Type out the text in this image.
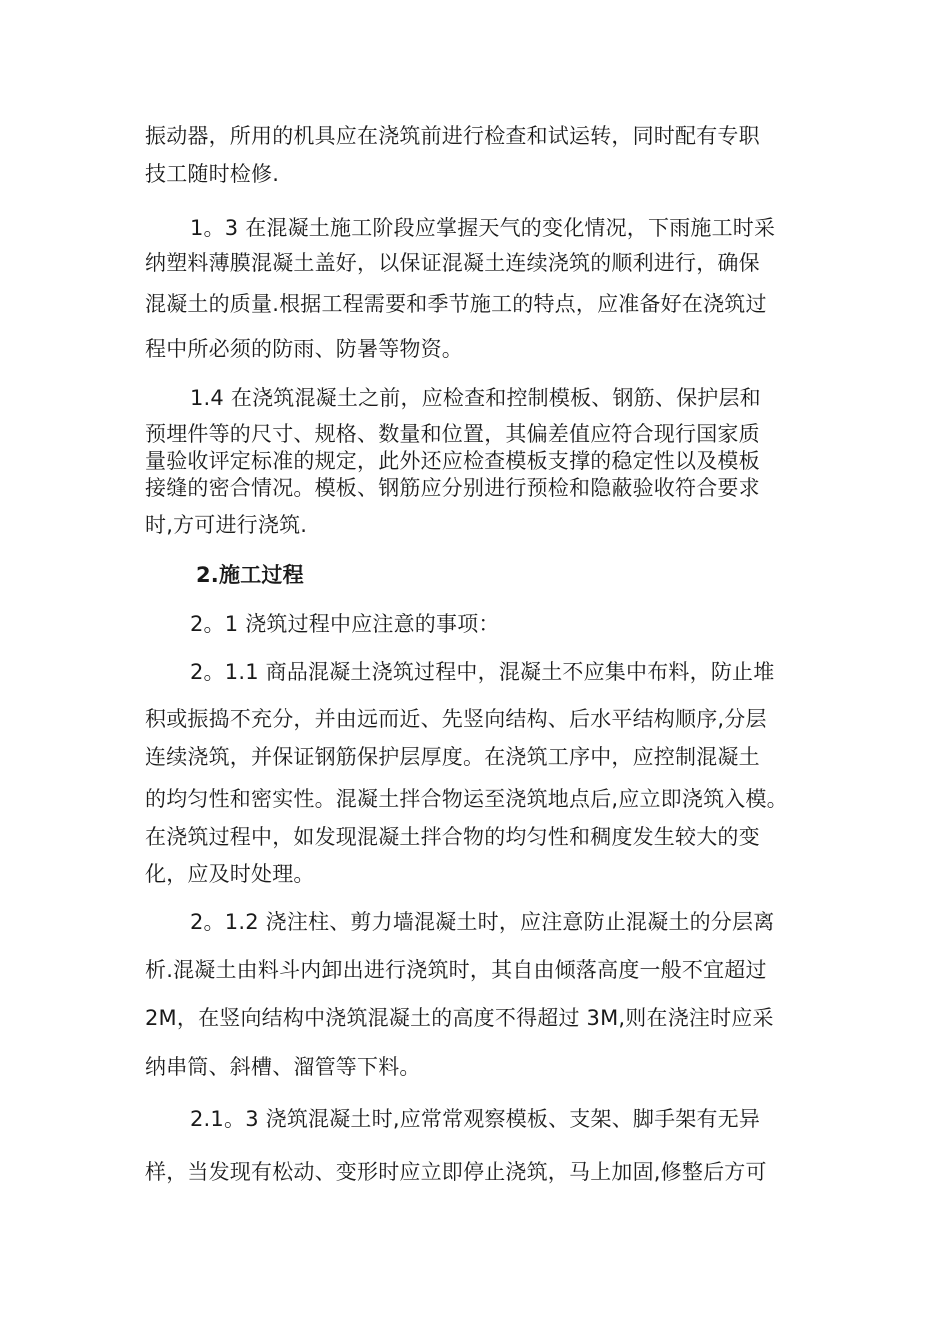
振动器，所用的机具应在浇筑前进行检查和试运转，同时配有专职
技工随时检修.
1。3 在混凝土施工阶段应掌握天气的变化情况，下雨施工时采
纳塑料薄膜混凝土盖好，以保证混凝土连续浇筑的顺利进行，确保
混凝土的质量.根据工程需要和季节施工的特点，应准备好在浇筑过
程中所必须的防雨、防暑等物资。
1.4 在浇筑混凝土之前，应检查和控制模板、钢筋、保护层和
预埋件等的尺寸、规格、数量和位置，其偏差值应符合现行国家质
量验收评定标准的规定，此外还应检查模板支撑的稳定性以及模板
接缝的密合情况。模板、钢筋应分别进行预检和隐蔽验收符合要求
时,方可进行浇筑.
2.施工过程
2。1 浇筑过程中应注意的事项：
2。1.1 商品混凝土浇筑过程中，混凝土不应集中布料，防止堆
积或振捣不充分，并由远而近、先竖向结构、后水平结构顺序,分层
连续浇筑，并保证钢筋保护层厚度。在浇筑工序中，应控制混凝土
的均匀性和密实性。混凝土拌合物运至浇筑地点后,应立即浇筑入模。
在浇筑过程中，如发现混凝土拌合物的均匀性和稠度发生较大的变
化，应及时处理。
2。1.2 浇注柱、剪力墙混凝土时，应注意防止混凝土的分层离
析.混凝土由料斗内卸出进行浇筑时，其自由倾落高度一般不宜超过
2M，在竖向结构中浇筑混凝土的高度不得超过 3M,则在浇注时应采
纳串筒、斜槽、溜管等下料。
2.1。3 浇筑混凝土时,应常常观察模板、支架、脚手架有无异
样，当发现有松动、变形时应立即停止浇筑，马上加固,修整后方可
